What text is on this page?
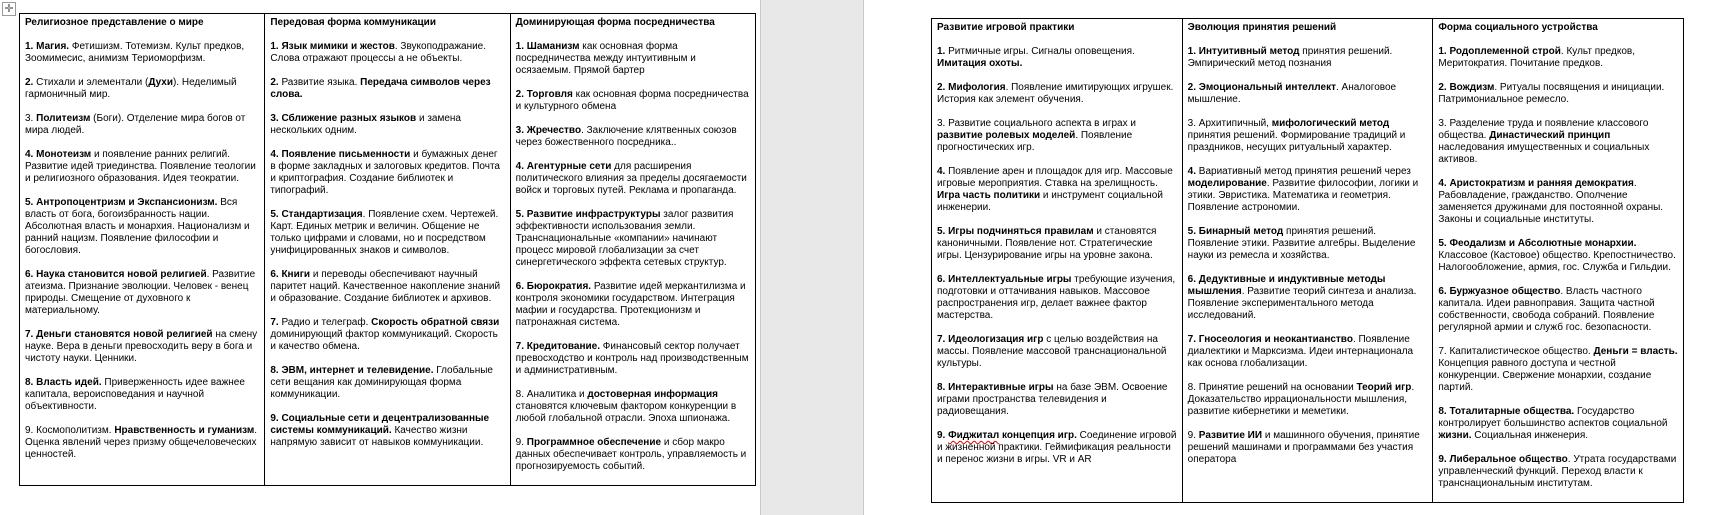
✛
Религиозное представление о мире

1. Магия. Фетишизм. Тотемизм. Культ предков, Зоомимесис, анимизм Териоморфизм.

2. Стихали и элементали (Духи). Неделимый гармоничный мир.

3. Политеизм (Боги). Отделение мира богов от мира людей.

4. Монотеизм и появление ранних религий. Развитие идей триединства. Появление теологии и религиозного образования. Идея теократии.

5. Антропоцентризм и Экспансионизм. Вся власть от бога, богоизбранность нации. Абсолютная власть и монархия. Национализм и ранний нацизм. Появление философии и богословия.

6. Наука становится новой религией. Развитие атеизма. Признание эволюции. Человек - венец природы. Смещение от духовного к материальному.

7. Деньги становятся новой религией на смену науке. Вера в деньги превосходить веру в бога и чистоту науки. Ценники.

8. Власть идей. Приверженность идее важнее капитала, вероисповедания и научной объективности.

9. Космополитизм. Нравственность и гуманизм. Оценка явлений через призму общечеловеческих ценностей.

Передовая форма коммуникации

1. Язык мимики и жестов. Звукоподражание. Слова отражают процессы а не объекты.

2. Развитие языка. Передача символов через слова.

3. Сближение разных языков и замена нескольких одним.

4. Появление письменности и бумажных денег в форме закладных и залоговых кредитов. Почта и криптография. Создание библиотек и типографий.

5. Стандартизация. Появление схем. Чертежей. Карт. Единых метрик и величин. Общение не только цифрами и словами, но и посредством унифицированных знаков и символов.

6. Книги и переводы обеспечивают научный паритет наций. Качественное накопление знаний и образование. Создание библиотек и архивов.

7. Радио и телеграф. Скорость обратной связи доминирующий фактор коммуникаций. Скорость и качество обмена.

8. ЭВМ, интернет и телевидение. Глобальные сети вещания как доминирующая форма коммуникации.

9. Социальные сети и децентрализованные системы коммуникаций. Качество жизни напрямую зависит от навыков коммуникации.

Доминирующая форма посредничества

1. Шаманизм как основная форма посредничества между интуитивным и осязаемым. Прямой бартер

2. Торговля как основная форма посредничества и культурного обмена

3. Жречество. Заключение клятвенных союзов через божественного посредника..

4. Агентурные сети для расширения политического влияния за пределы досягаемости войск и торговых путей. Реклама и пропаганда.

5. Развитие инфраструктуры залог развития эффективности использования земли. Транснациональные «компании» начинают процесс мировой глобализации за счет синергетического эффекта сетевых структур.

6. Бюрократия. Развитие идей меркантилизма и контроля экономики государством. Интеграция мафии и государства. Протекционизм и патронажная система.

7. Кредитование. Финансовый сектор получает превосходство и контроль над производственным и административным.

8. Аналитика и достоверная информация становятся ключевым фактором конкуренции в любой глобальной отрасли. Эпоха шпионажа.

9. Программное обеспечение и сбор макро данных обеспечивает контроль, управляемость и прогнозируемость событий.

Развитие игровой практики

1. Ритмичные игры. Сигналы оповещения. Имитация охоты.

2. Мифология. Появление имитирующих игрушек. История как элемент обучения.

3. Развитие социального аспекта в играх и развитие ролевых моделей. Появление прогностических игр.

4. Появление арен и площадок для игр. Массовые игровые мероприятия. Ставка на зрелищность. Игра часть политики и инструмент социальной инженерии.

5. Игры подчиняться правилам и становятся каноничными. Появление нот. Стратегические игры. Цензурирование игры на уровне закона.

6. Интеллектуальные игры требующие изучения, подготовки и оттачивания навыков. Массовое распространения игр, делает важнее фактор мастерства.

7. Идеологизация игр с целью воздействия на массы. Появление массовой транснациональной культуры.

8. Интерактивные игры на базе ЭВМ. Освоение играми пространства телевидения и радиовещания.

9. Фиджитал концепция игр. Соединение игровой и жизненной практики. Геймификация реальности и перенос жизни в игры. VR и AR

Эволюция принятия решений

1. Интуитивный метод принятия решений. Эмпирический метод познания

2. Эмоциональный интеллект. Аналоговое мышление.

3. Архитипичный, мифологический метод принятия решений. Формирование традиций и праздников, несущих ритуальный характер.

4. Вариативный метод принятия решений через моделирование. Развитие философии, логики и этики. Эвристика. Математика и геометрия. Появление астрономии.

5. Бинарный метод принятия решений. Появление этики. Развитие алгебры. Выделение науки из ремесла и хозяйства.

6. Дедуктивные и индуктивные методы мышления. Развитие теорий синтеза и анализа. Появление экспериментального метода исследований.

7. Гносеология и неокантианство. Появление диалектики и Марксизма. Идеи интернационала как основа глобализации.

8. Принятие решений на основании Теорий игр. Доказательство иррациональности мышления, развитие кибернетики и меметики.

9. Развитие ИИ и машинного обучения, принятие решений машинами и программами без участия оператора

Форма социального устройства

1. Родоплеменной строй. Культ предков, Меритократия. Почитание предков.

2. Вождизм. Ритуалы посвящения и инициации. Патримониальное ремесло.

3. Разделение труда и появление классового общества. Династический принцип наследования имущественных и социальных активов.

4. Аристократизм и ранняя демократия. Рабовладение, гражданство. Ополчение заменяется дружинами для постоянной охраны. Законы и социальные институты.

5. Феодализм и Абсолютные монархии. Классовое (Кастовое) общество. Крепостничество. Налогообложение, армия, гос. Служба и Гильдии.

6. Буржуазное общество. Власть частного капитала. Идеи равноправия. Защита частной собственности, свобода собраний. Появление регулярной армии и служб гос. безопасности.

7. Капиталистическое общество. Деньги = власть. Концепция равного доступа и честной конкуренции. Свержение монархии, создание партий.

8. Тоталитарные общества. Государство контролирует большинство аспектов социальной жизни. Социальная инженерия.

9. Либеральное общество. Утрата государствами управленческий функций. Переход власти к транснациональным институтам.
